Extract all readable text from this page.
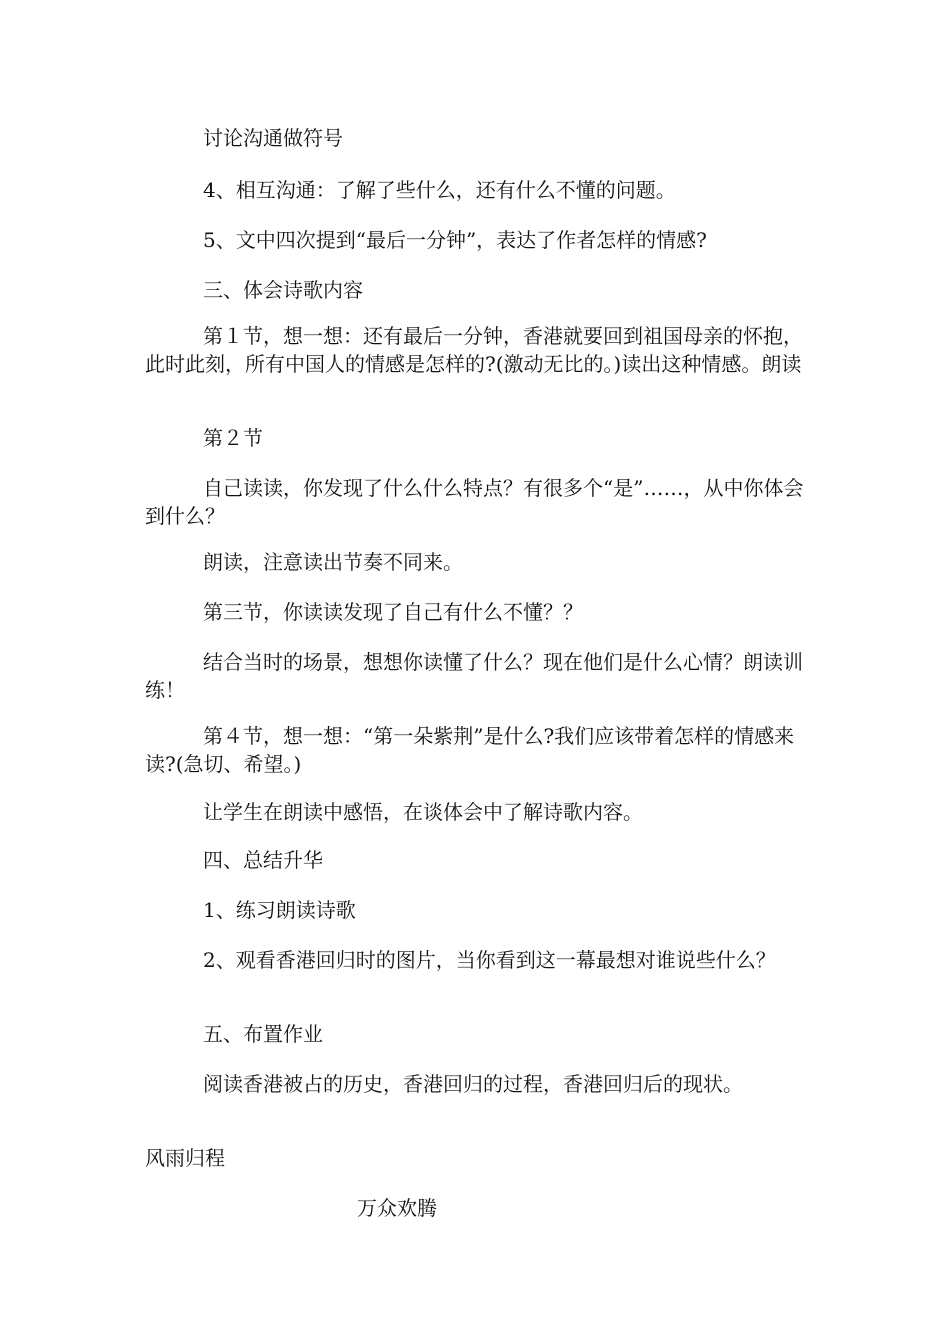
讨论沟通做符号

4、相互沟通：了解了些什么，还有什么不懂的问题。

5、文中四次提到“最后一分钟”，表达了作者怎样的情感?

三、体会诗歌内容

第１节，想一想：还有最后一分钟，香港就要回到祖国母亲的怀抱，此时此刻，所有中国人的情感是怎样的?(激动无比的。)读出这种情感。朗读

第２节

自己读读，你发现了什么什么特点？有很多个“是”……，从中你体会到什么？

朗读，注意读出节奏不同来。

第三节，你读读发现了自己有什么不懂？？

结合当时的场景，想想你读懂了什么？现在他们是什么心情？朗读训练！

第４节，想一想：“第一朵紫荆”是什么?我们应该带着怎样的情感来读?(急切、希望。)

让学生在朗读中感悟，在谈体会中了解诗歌内容。

四、总结升华

1、练习朗读诗歌

2、观看香港回归时的图片，当你看到这一幕最想对谁说些什么？

五、布置作业

阅读香港被占的历史，香港回归的过程，香港回归后的现状。

风雨归程

万众欢腾
